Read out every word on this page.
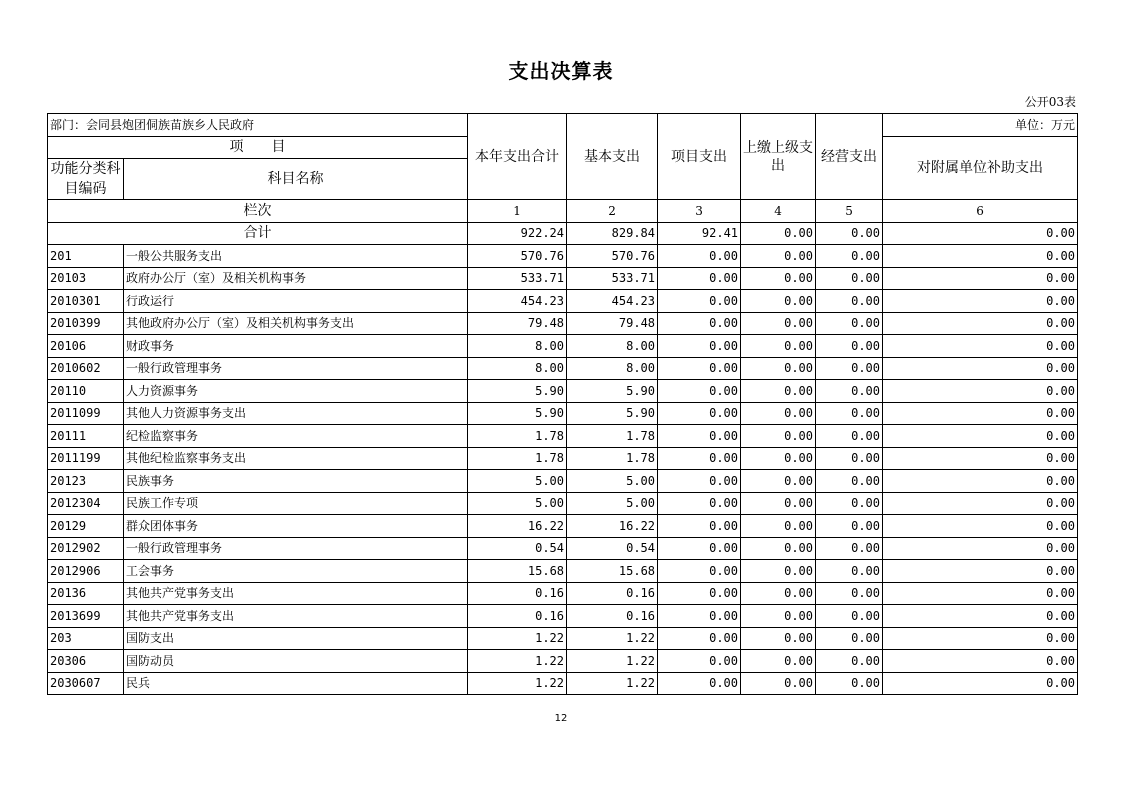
支出决算表
公开03表
部门：会同县炮团侗族苗族乡人民政府		本年支出合计	基本支出	项目支出	上缴上级支出	经营支出	单位：万元
项　　目							对附属单位补助支出
功能分类科目编码	科目名称						
栏次		1	2	3	4	5	6
合计		922.24	829.84	92.41	0.00	0.00	0.00
201	一般公共服务支出	570.76	570.76	0.00	0.00	0.00	0.00
20103	政府办公厅（室）及相关机构事务	533.71	533.71	0.00	0.00	0.00	0.00
2010301	行政运行	454.23	454.23	0.00	0.00	0.00	0.00
2010399	其他政府办公厅（室）及相关机构事务支出	79.48	79.48	0.00	0.00	0.00	0.00
20106	财政事务	8.00	8.00	0.00	0.00	0.00	0.00
2010602	一般行政管理事务	8.00	8.00	0.00	0.00	0.00	0.00
20110	人力资源事务	5.90	5.90	0.00	0.00	0.00	0.00
2011099	其他人力资源事务支出	5.90	5.90	0.00	0.00	0.00	0.00
20111	纪检监察事务	1.78	1.78	0.00	0.00	0.00	0.00
2011199	其他纪检监察事务支出	1.78	1.78	0.00	0.00	0.00	0.00
20123	民族事务	5.00	5.00	0.00	0.00	0.00	0.00
2012304	民族工作专项	5.00	5.00	0.00	0.00	0.00	0.00
20129	群众团体事务	16.22	16.22	0.00	0.00	0.00	0.00
2012902	一般行政管理事务	0.54	0.54	0.00	0.00	0.00	0.00
2012906	工会事务	15.68	15.68	0.00	0.00	0.00	0.00
20136	其他共产党事务支出	0.16	0.16	0.00	0.00	0.00	0.00
2013699	其他共产党事务支出	0.16	0.16	0.00	0.00	0.00	0.00
203	国防支出	1.22	1.22	0.00	0.00	0.00	0.00
20306	国防动员	1.22	1.22	0.00	0.00	0.00	0.00
2030607	民兵	1.22	1.22	0.00	0.00	0.00	0.00
12
